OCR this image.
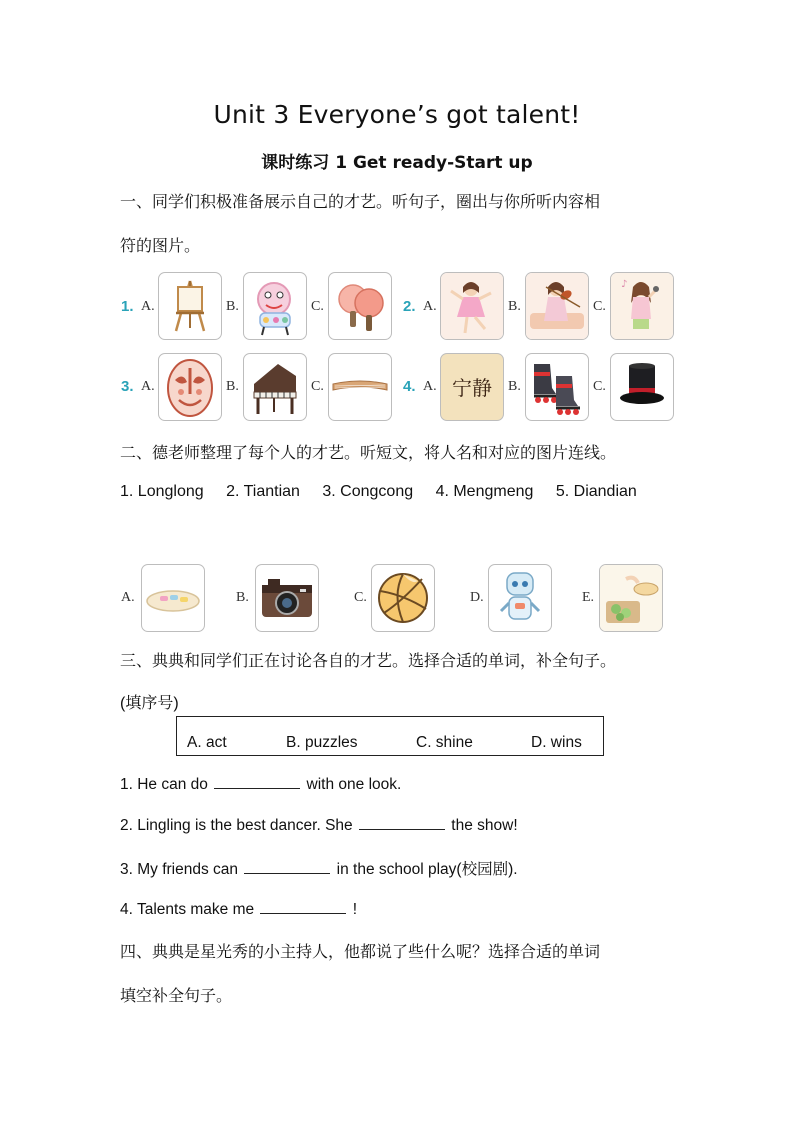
Unit 3 Everyone’s got talent!
课时练习 1 Get ready-Start up
一、同学们积极准备展示自己的才艺。听句子，圈出与你所听内容相
符的图片。
1. A.	B.	C.	2. A.	B.	C.
♪
3. A.	B.	C.	4. A. 宁静	B.	C.
二、德老师整理了每个人的才艺。听短文，将人名和对应的图片连线。
1. Longlong 2. Tiantian 3. Congcong 4. Mengmeng 5. Diandian
A.	B.	C.	D.	E.
三、典典和同学们正在讨论各自的才艺。选择合适的单词，补全句子。
(填序号)
A. act	B. puzzles	C. shine	D. wins
1. He can do	with one look.
2. Lingling is the best dancer. She	the show!
3. My friends can	in the school play(校园剧).
4. Talents make me	!
四、典典是星光秀的小主持人，他都说了些什么呢？选择合适的单词
填空补全句子。
